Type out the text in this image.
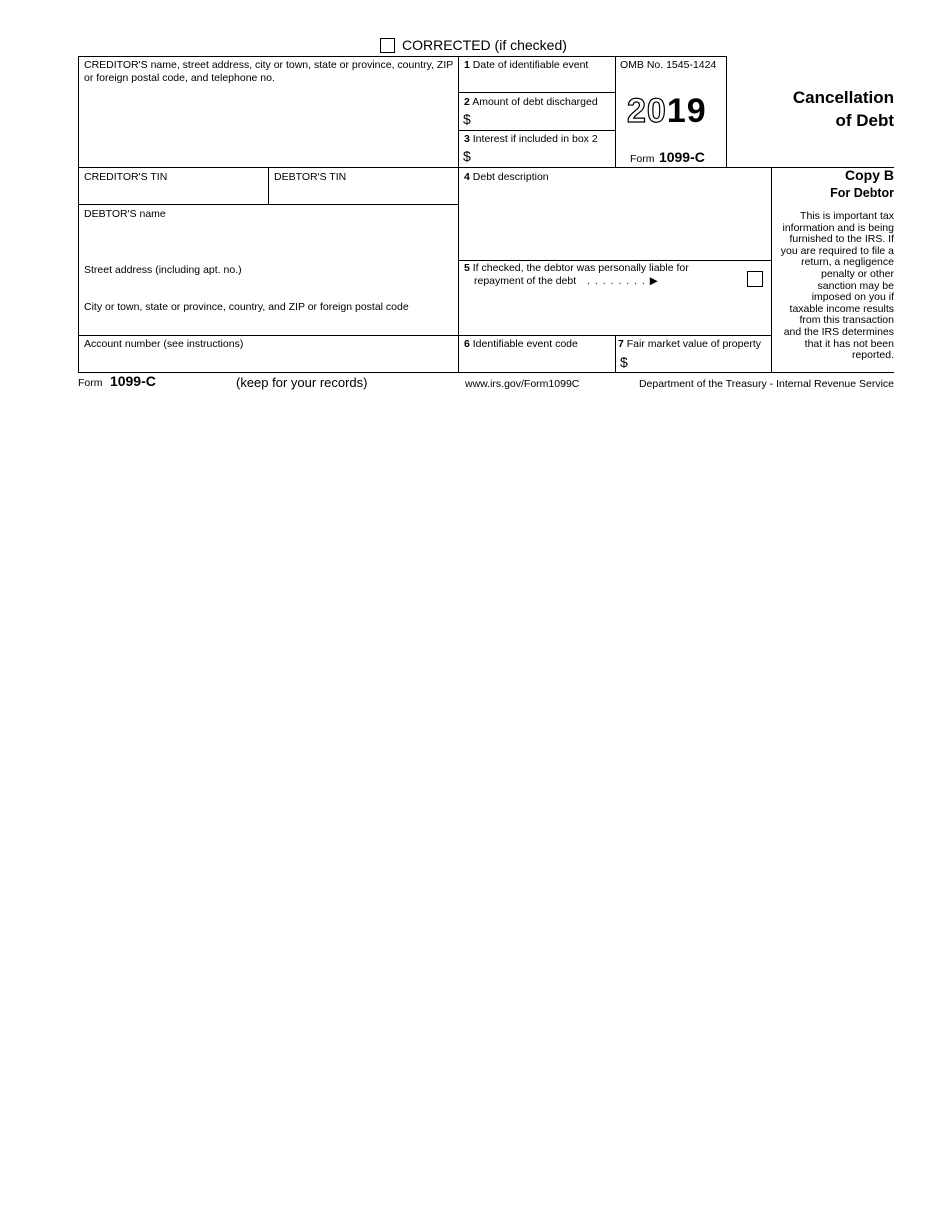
CORRECTED (if checked)
CREDITOR'S name, street address, city or town, state or province, country, ZIP or foreign postal code, and telephone no.
1 Date of identifiable event
2 Amount of debt discharged
$
3 Interest if included in box 2
$
OMB No. 1545-1424
2019
Form 1099-C
Cancellation
of Debt
Copy B
For Debtor
This is important tax
information and is being
furnished to the IRS. If
you are required to file a
return, a negligence
penalty or other
sanction may be
imposed on you if
taxable income results
from this transaction
and the IRS determines
that it has not been
reported.
CREDITOR'S TIN	DEBTOR'S TIN
DEBTOR'S name
Street address (including apt. no.)
City or town, state or province, country, and ZIP or foreign postal code
4 Debt description
5 If checked, the debtor was personally liable for
repayment of the debt . . . . . . . . ▶
Account number (see instructions)	6 Identifiable event code	7 Fair market value of property
$
Form 1099-C	(keep for your records)	www.irs.gov/Form1099C	Department of the Treasury - Internal Revenue Service
